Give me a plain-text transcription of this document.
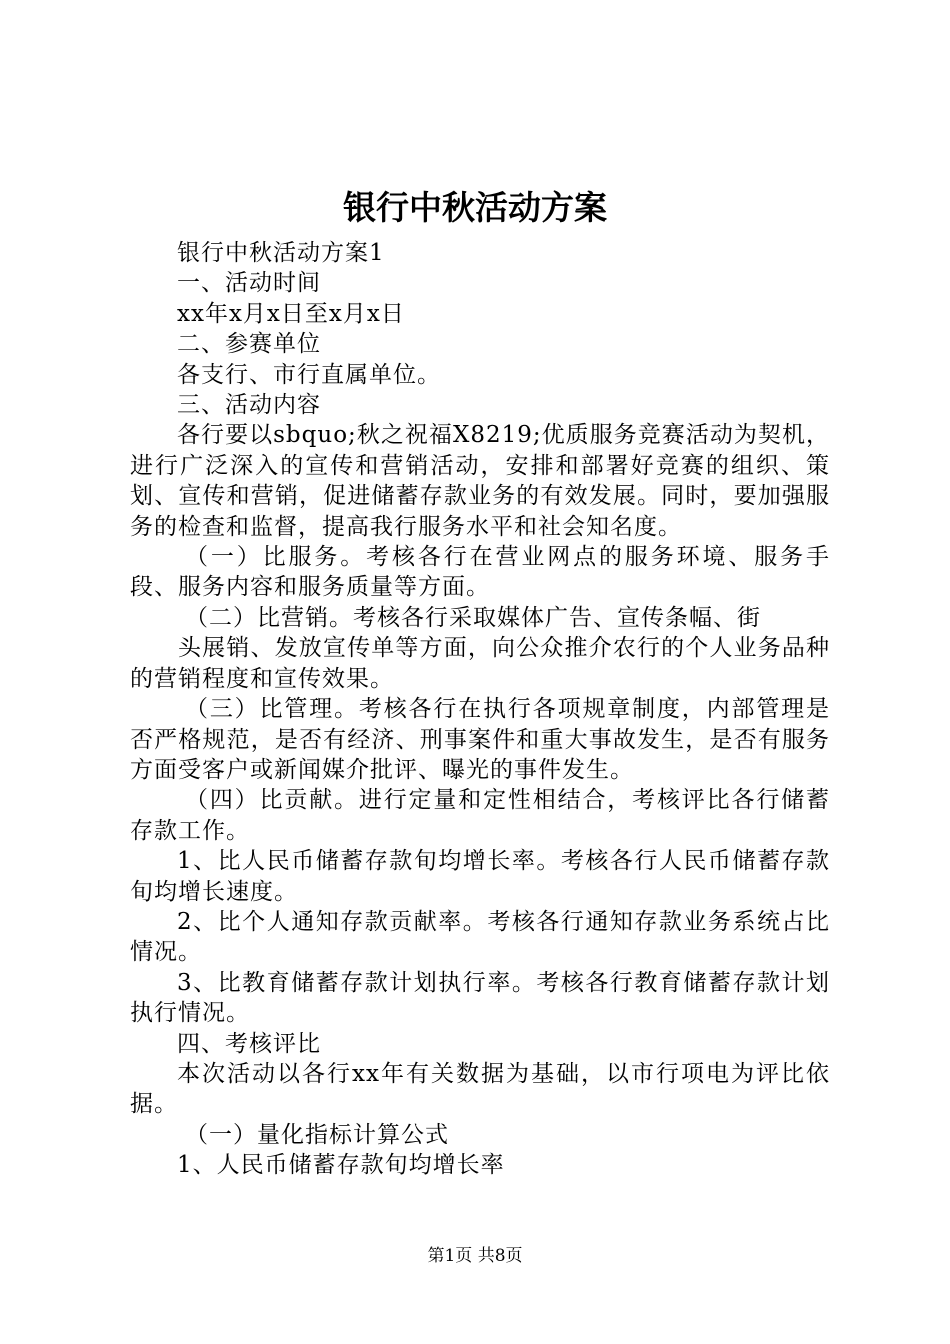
银行中秋活动方案

银行中秋活动方案1

一、活动时间

xx年x月x日至x月x日

二、参赛单位

各支行、市行直属单位。

三、活动内容

各行要以sbquo;秋之祝福X8219;优质服务竞赛活动为契机，进行广泛深入的宣传和营销活动，安排和部署好竞赛的组织、策划、宣传和营销，促进储蓄存款业务的有效发展。同时，要加强服务的检查和监督，提高我行服务水平和社会知名度。

（一）比服务。考核各行在营业网点的服务环境、服务手段、服务内容和服务质量等方面。

（二）比营销。考核各行采取媒体广告、宣传条幅、街

头展销、发放宣传单等方面，向公众推介农行的个人业务品种的营销程度和宣传效果。

（三）比管理。考核各行在执行各项规章制度，内部管理是否严格规范，是否有经济、刑事案件和重大事故发生，是否有服务方面受客户或新闻媒介批评、曝光的事件发生。

（四）比贡献。进行定量和定性相结合，考核评比各行储蓄存款工作。

1、比人民币储蓄存款旬均增长率。考核各行人民币储蓄存款旬均增长速度。

2、比个人通知存款贡献率。考核各行通知存款业务系统占比情况。

3、比教育储蓄存款计划执行率。考核各行教育储蓄存款计划执行情况。

四、考核评比

本次活动以各行xx年有关数据为基础，以市行项电为评比依据。

（一）量化指标计算公式

1、人民币储蓄存款旬均增长率

第1页 共8页
